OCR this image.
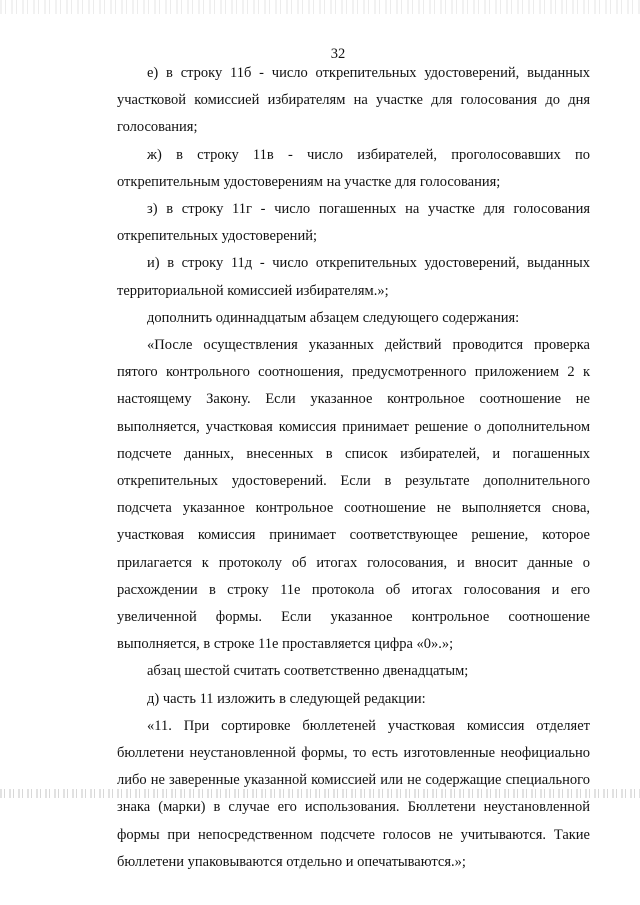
32

е) в строку 11б - число открепительных удостоверений, выданных участковой комиссией избирателям на участке для голосования до дня голосования;

ж) в строку 11в - число избирателей, проголосовавших по открепительным удостоверениям на участке для голосования;

з) в строку 11г - число погашенных на участке для голосования открепительных удостоверений;

и) в строку 11д - число открепительных удостоверений, выданных территориальной комиссией избирателям.»;

дополнить одиннадцатым абзацем следующего содержания:

«После осуществления указанных действий проводится проверка пятого контрольного соотношения, предусмотренного приложением 2 к настоящему Закону. Если указанное контрольное соотношение не выполняется, участковая комиссия принимает решение о дополнительном подсчете данных, внесенных в список избирателей, и погашенных открепительных удостоверений. Если в результате дополнительного подсчета указанное контрольное соотношение не выполняется снова, участковая комиссия принимает соответствующее решение, которое прилагается к протоколу об итогах голосования, и вносит данные о расхождении в строку 11е протокола об итогах голосования и его увеличенной формы. Если указанное контрольное соотношение выполняется, в строке 11е проставляется цифра «0».»;

абзац шестой считать соответственно двенадцатым;

д) часть 11 изложить в следующей редакции:

«11. При сортировке бюллетеней участковая комиссия отделяет бюллетени неустановленной формы, то есть изготовленные неофициально либо не заверенные указанной комиссией или не содержащие специального знака (марки) в случае его использования. Бюллетени неустановленной формы при непосредственном подсчете голосов не учитываются. Такие бюллетени упаковываются отдельно и опечатываются.»;
